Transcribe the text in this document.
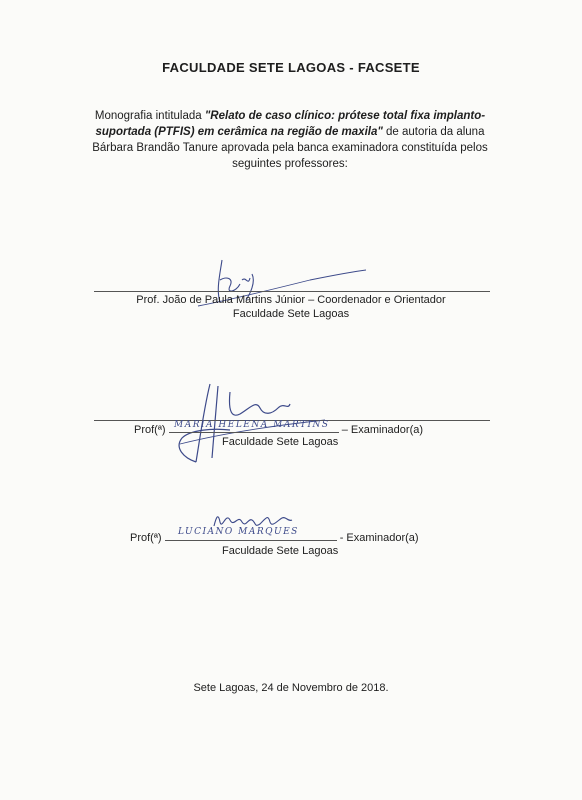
FACULDADE SETE LAGOAS - FACSETE
Monografia intitulada "Relato de caso clínico: prótese total fixa implanto-suportada (PTFIS) em cerâmica na região de maxila" de autoria da aluna Bárbara Brandão Tanure aprovada pela banca examinadora constituída pelos seguintes professores:
Prof. João de Paula Martins Júnior – Coordenador e Orientador
Faculdade Sete Lagoas
Prof(ª)	– Examinador(a)
MARIA HELENA MARTINS
Faculdade Sete Lagoas
Prof(ª)	- Examinador(a)
LUCIANO MARQUES
Faculdade Sete Lagoas
Sete Lagoas, 24 de Novembro de 2018.
